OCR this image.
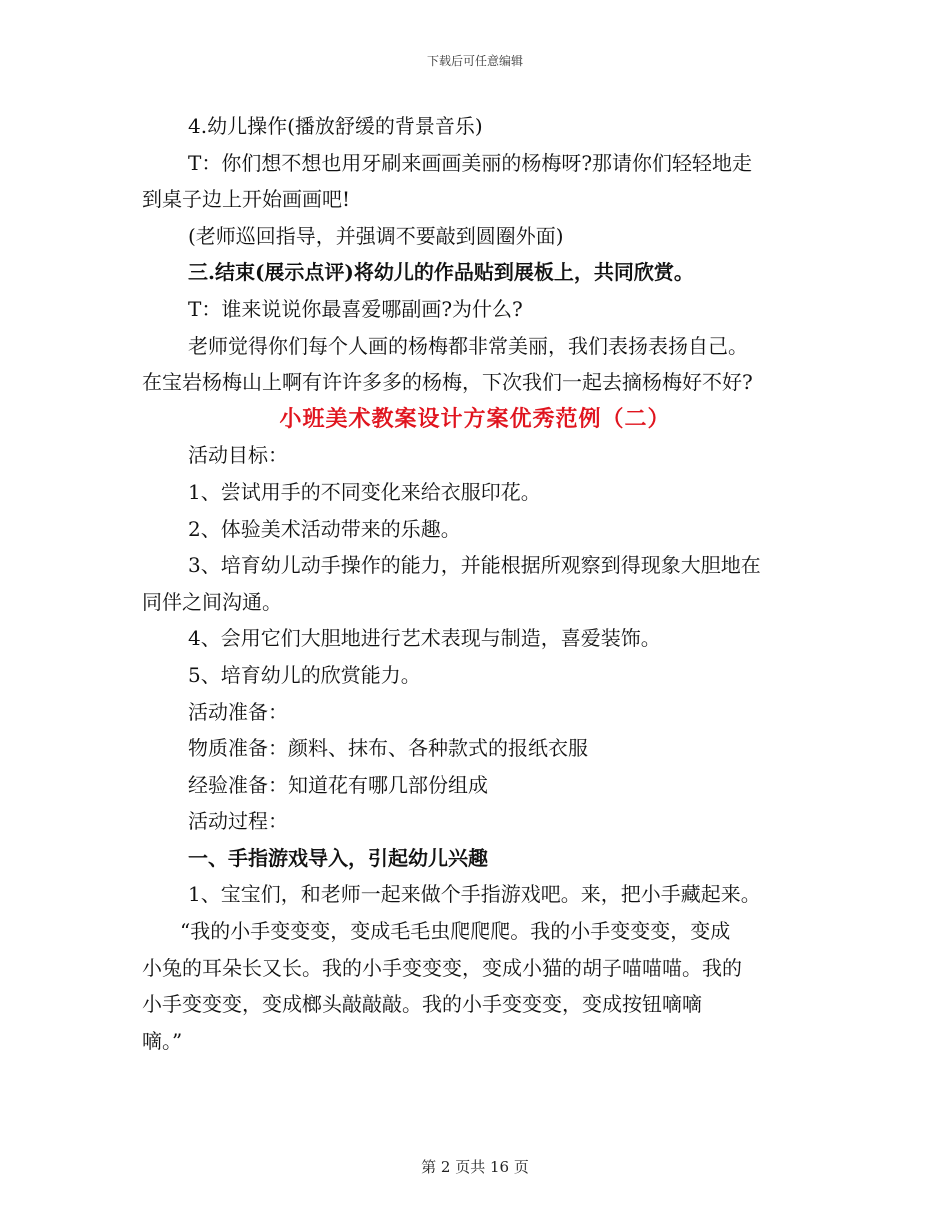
下载后可任意编辑
4.幼儿操作(播放舒缓的背景音乐)
T：你们想不想也用牙刷来画画美丽的杨梅呀?那请你们轻轻地走
到桌子边上开始画画吧!
(老师巡回指导，并强调不要敲到圆圈外面)
三.结束(展示点评)将幼儿的作品贴到展板上，共同欣赏。
T：谁来说说你最喜爱哪副画?为什么?
老师觉得你们每个人画的杨梅都非常美丽，我们表扬表扬自己。
在宝岩杨梅山上啊有许许多多的杨梅，下次我们一起去摘杨梅好不好?
小班美术教案设计方案优秀范例（二）
活动目标：
1、尝试用手的不同变化来给衣服印花。
2、体验美术活动带来的乐趣。
3、培育幼儿动手操作的能力，并能根据所观察到得现象大胆地在
同伴之间沟通。
4、会用它们大胆地进行艺术表现与制造，喜爱装饰。
5、培育幼儿的欣赏能力。
活动准备：
物质准备：颜料、抹布、各种款式的报纸衣服
经验准备：知道花有哪几部份组成
活动过程：
一、手指游戏导入，引起幼儿兴趣
1、宝宝们，和老师一起来做个手指游戏吧。来，把小手藏起来。
“我的小手变变变，变成毛毛虫爬爬爬。我的小手变变变，变成
小兔的耳朵长又长。我的小手变变变，变成小猫的胡子喵喵喵。我的
小手变变变，变成榔头敲敲敲。我的小手变变变，变成按钮嘀嘀
嘀。”
第 2 页共 16 页
